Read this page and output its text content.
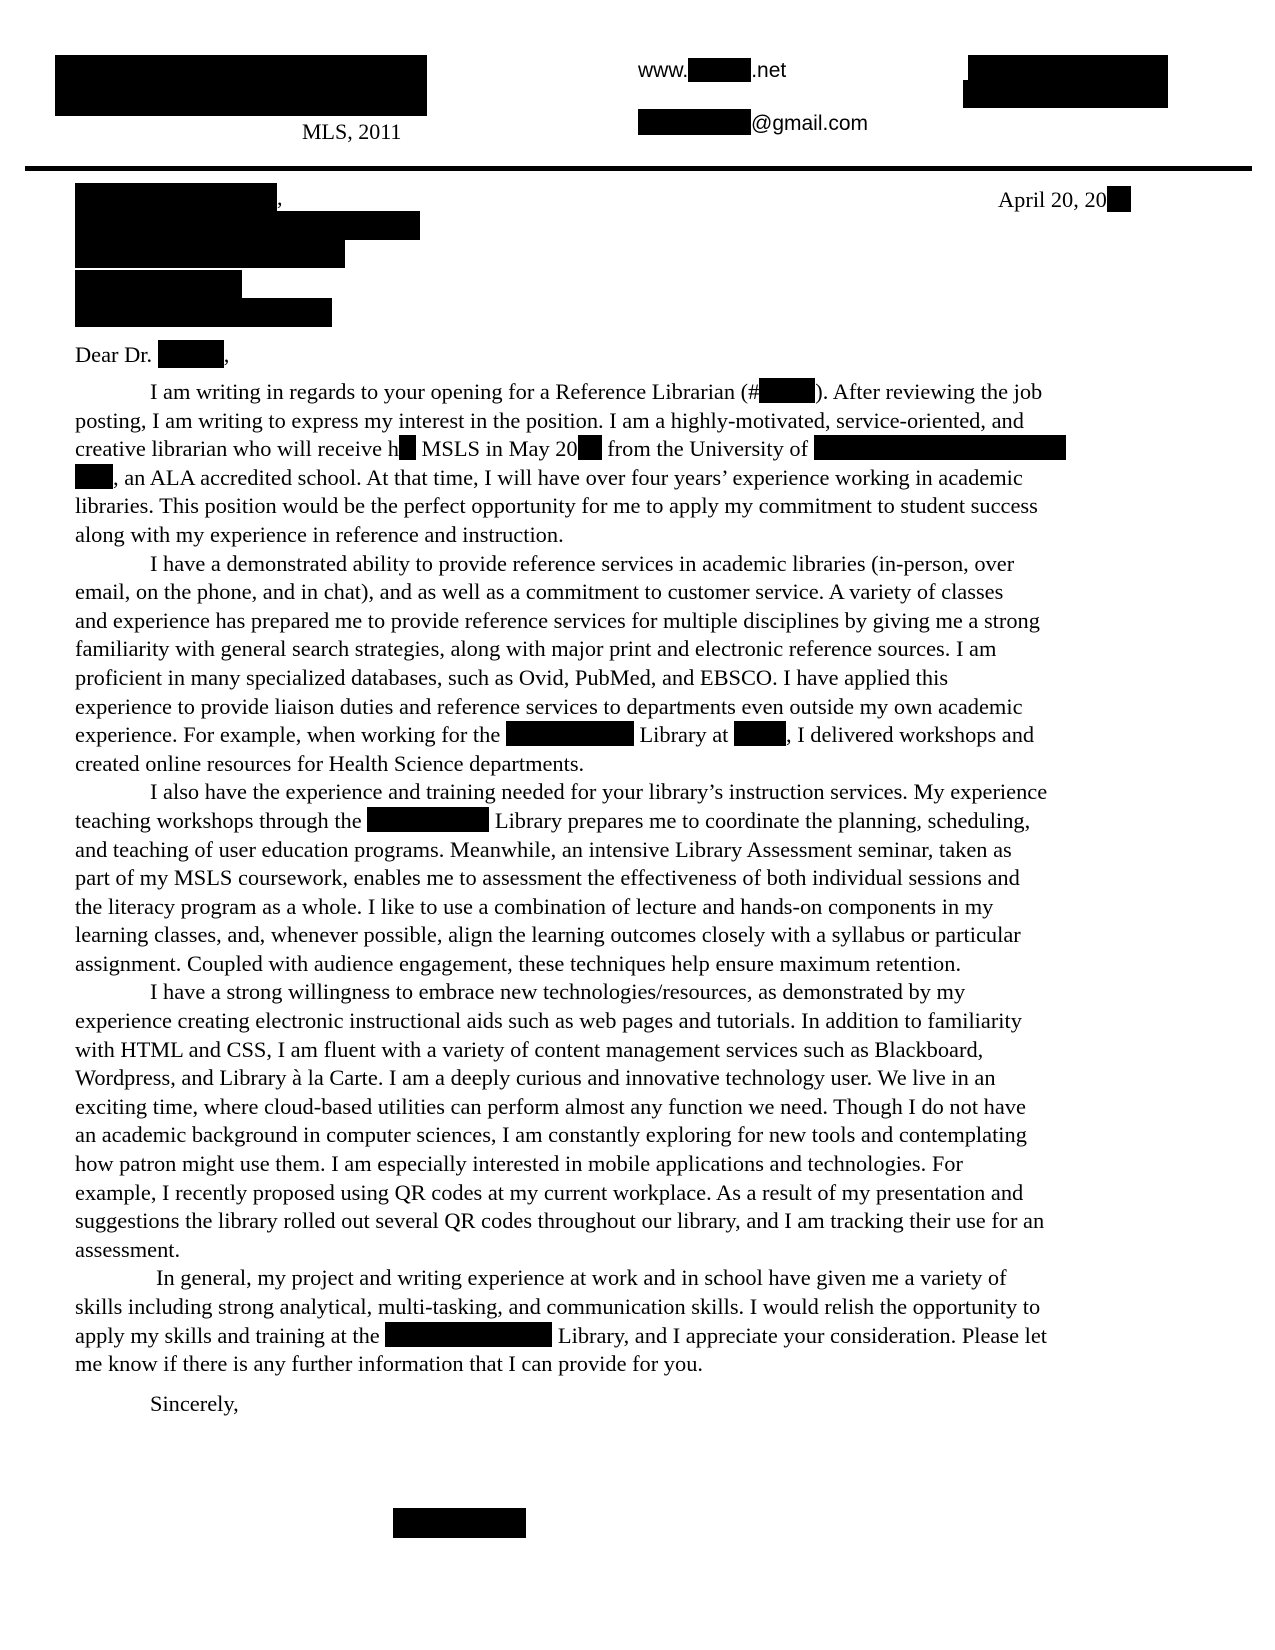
MLS, 2011
www.	.net
@gmail.com
,	April 20, 20
Dear Dr.	,
I am writing in regards to your opening for a Reference Librarian (#	). After reviewing the job
posting, I am writing to express my interest in the position. I am a highly-motivated, service-oriented, and
creative librarian who will receive h MSLS in May 20 from the University of
, an ALA accredited school. At that time, I will have over four years’ experience working in academic
libraries. This position would be the perfect opportunity for me to apply my commitment to student success
along with my experience in reference and instruction.
I have a demonstrated ability to provide reference services in academic libraries (in-person, over
email, on the phone, and in chat), and as well as a commitment to customer service. A variety of classes
and experience has prepared me to provide reference services for multiple disciplines by giving me a strong
familiarity with general search strategies, along with major print and electronic reference sources. I am
proficient in many specialized databases, such as Ovid, PubMed, and EBSCO. I have applied this
experience to provide liaison duties and reference services to departments even outside my own academic
experience. For example, when working for the	Library at	, I delivered workshops and
created online resources for Health Science departments.
I also have the experience and training needed for your library’s instruction services. My experience
teaching workshops through the	Library prepares me to coordinate the planning, scheduling,
and teaching of user education programs. Meanwhile, an intensive Library Assessment seminar, taken as
part of my MSLS coursework, enables me to assessment the effectiveness of both individual sessions and
the literacy program as a whole. I like to use a combination of lecture and hands-on components in my
learning classes, and, whenever possible, align the learning outcomes closely with a syllabus or particular
assignment. Coupled with audience engagement, these techniques help ensure maximum retention.
I have a strong willingness to embrace new technologies/resources, as demonstrated by my
experience creating electronic instructional aids such as web pages and tutorials. In addition to familiarity
with HTML and CSS, I am fluent with a variety of content management services such as Blackboard,
Wordpress, and Library à la Carte. I am a deeply curious and innovative technology user. We live in an
exciting time, where cloud-based utilities can perform almost any function we need. Though I do not have
an academic background in computer sciences, I am constantly exploring for new tools and contemplating
how patron might use them. I am especially interested in mobile applications and technologies. For
example, I recently proposed using QR codes at my current workplace. As a result of my presentation and
suggestions the library rolled out several QR codes throughout our library, and I am tracking their use for an
assessment.
In general, my project and writing experience at work and in school have given me a variety of
skills including strong analytical, multi-tasking, and communication skills. I would relish the opportunity to
apply my skills and training at the	Library, and I appreciate your consideration. Please let
me know if there is any further information that I can provide for you.
Sincerely,
